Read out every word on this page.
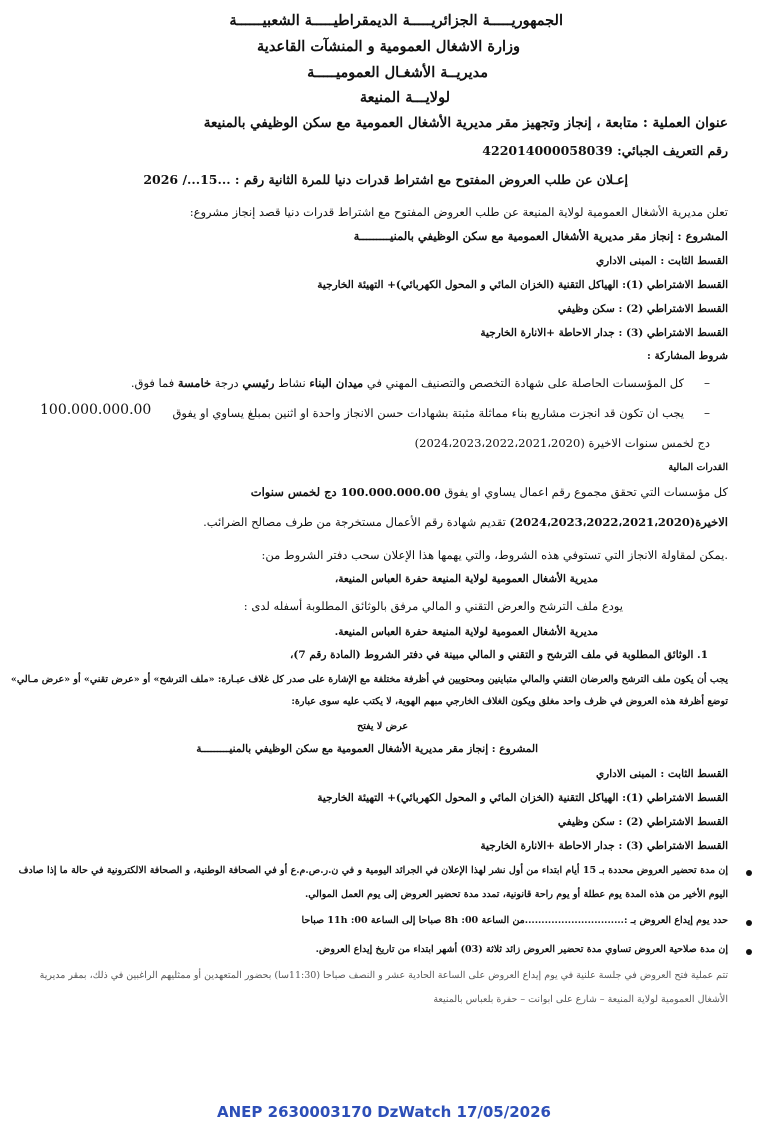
الجمهوريـــــة الجزائريـــــة الديمقراطيـــــة الشعبيــــــة
وزارة الاشغال العمومية و المنشآت القاعدية
مديريــة الأشغـال العموميـــــة
لولايـــة المنيعة
عنوان العملية : متابعة ، إنجاز وتجهيز مقر مديرية الأشغال العمومية مع سكن الوظيفي بالمنيعة
رقم التعريف الجبائي: 422014000058039
إعـلان عن طلب العروض المفتوح مع اشتراط قدرات دنيا للمرة الثانية رقم : ...15.../ 2026
تعلن مديرية الأشغال العمومية لولاية المنيعة عن طلب العروض المفتوح مع اشتراط قدرات دنيا قصد إنجاز مشروع:
المشروع : إنجاز مقر مديرية الأشغال العمومية مع سكن الوظيفي بالمنيـــــــــة
القسط الثابت : المبنى الاداري
القسط الاشتراطي (1): الهياكل التقنية (الخزان المائي و المحول الكهربائي)+ التهيئة الخارجية
القسط الاشتراطي (2) : سكن وظيفي
القسط الاشتراطي (3) : جدار الاحاطة +الانارة الخارجية
شروط المشاركة :
–
كل المؤسسات الحاصلة على شهادة التخصص والتصنيف المهني في ميدان البناء نشاط رئيسي درجة خامسة فما فوق.
–
يجب ان تكون قد انجزت مشاريع بناء مماثلة مثبتة بشهادات حسن الانجاز واحدة او اثنين بمبلغ يساوي او يفوق
100.000.000.00
دج لخمس سنوات الاخيرة (2024،2023،2022،2021،2020)
القدرات المالية
كل مؤسسات التي تحقق مجموع رقم اعمال يساوي او يفوق 100.000.000.00 دج لخمس سنوات
الاخيرة(2024،2023،2022،2021،2020) تقديم شهادة رقم الأعمال مستخرجة من طرف مصالح الضرائب.
.يمكن لمقاولة الانجاز التي تستوفي هذه الشروط، والتي يهمها هذا الإعلان سحب دفتر الشروط من:
مديرية الأشغال العمومية لولاية المنيعة حفرة العباس المنيعة،
يودع ملف الترشح والعرض التقني و المالي مرفق بالوثائق المطلوبة أسفله لدى :
مديرية الأشغال العمومية لولاية المنيعة حفرة العباس المنيعة.
1. الوثائق المطلوبة في ملف الترشح و التقني و المالي مبينة في دفتر الشروط (المادة رقم 7)،
يجب أن يكون ملف الترشح والعرضان التقني والمالي متباينين ومحتويين في أظرفة مختلفة مع الإشارة على صدر كل غلاف عبـارة: «ملف الترشح» أو «عرض تقني» أو «عرض مـالي»
توضع أظرفة هذه العروض في ظرف واحد مغلق ويكون الغلاف الخارجي مبهم الهوية، لا يكتب عليه سوى عبارة:
عرض لا يفتح
المشروع : إنجاز مقر مديرية الأشغال العمومية مع سكن الوظيفي بالمنيـــــــــة
القسط الثابت : المبنى الاداري
القسط الاشتراطي (1): الهياكل التقنية (الخزان المائي و المحول الكهربائي)+ التهيئة الخارجية
القسط الاشتراطي (2) : سكن وظيفي
القسط الاشتراطي (3) : جدار الاحاطة +الانارة الخارجية
إن مدة تحضير العروض محددة بـ 15 أيام ابتداء من أول نشر لهذا الإعلان في الجرائد اليومية و في ن.ر.ص.م.ع أو في الصحافة الوطنية، و الصحافة الالكترونية في حالة ما إذا صادف
اليوم الأخير من هذه المدة يوم عطلة أو يوم راحة قانونية، تمدد مدة تحضير العروض إلى يوم العمل الموالي.
حدد يوم إيداع العروض بـ :..............................من الساعة 00: 8h صباحا إلى الساعة 00: 11h صباحا
إن مدة صلاحية العروض تساوي مدة تحضير العروض زائد ثلاثة (03) أشهر ابتداء من تاريخ إيداع العروض.
تتم عملية فتح العروض في جلسة علنية في يوم إيداع العروض على الساعة الحادية عشر و النصف صباحا (11:30سا) بحضور المتعهدين أو ممثليهم الراغبين في ذلك، بمقر مديرية
الأشغال العمومية لولاية المنيعة – شارع على ابوانت – حفرة بلعباس بالمنيعة
ANEP 2630003170 DzWatch 17/05/2026
